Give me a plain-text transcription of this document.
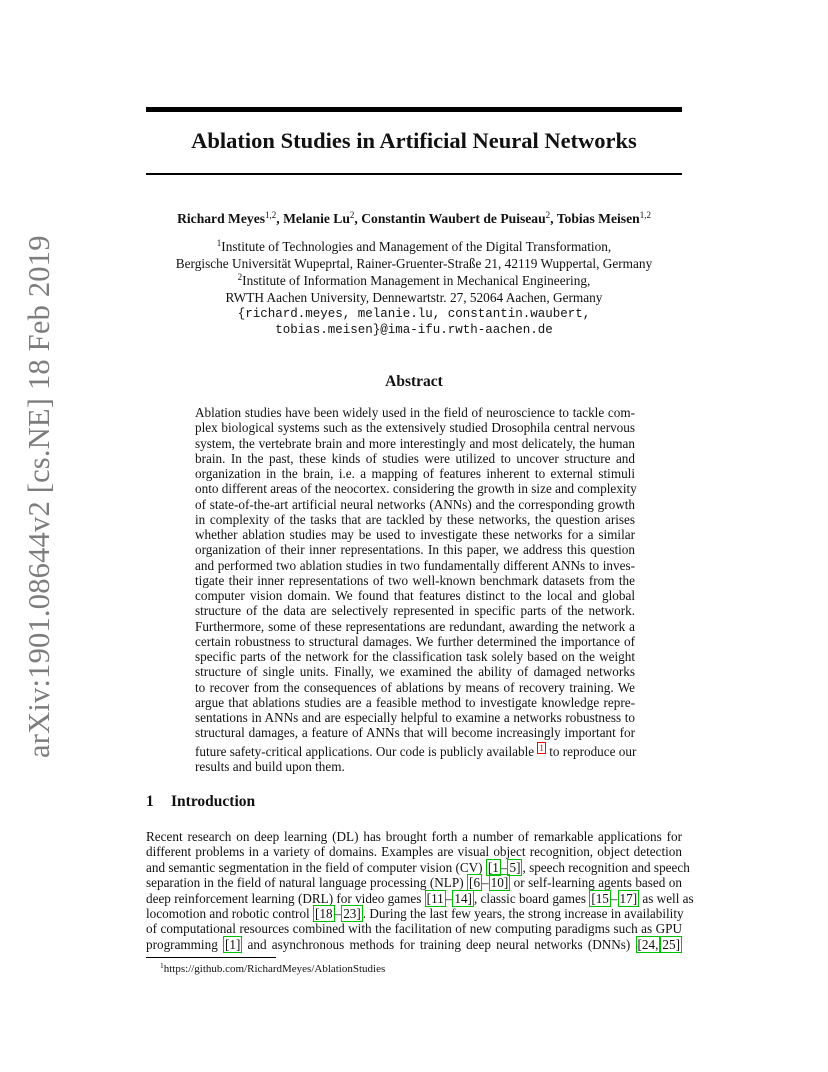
arXiv:1901.08644v2 [cs.NE] 18 Feb 2019
Ablation Studies in Artificial Neural Networks
Richard Meyes$^{1,2}$, Melanie Lu$^2$, Constantin Waubert de Puiseau$^2$, Tobias Meisen$^{1,2}$
$^1$Institute of Technologies and Management of the Digital Transformation,
Bergische Universität Wupeprtal, Rainer-Gruenter-Straße 21, 42119 Wuppertal, Germany
$^2$Institute of Information Management in Mechanical Engineering,
RWTH Aachen University, Dennewartstr. 27, 52064 Aachen, Germany
{richard.meyes, melanie.lu, constantin.waubert,
tobias.meisen}@ima-ifu.rwth-aachen.de
Abstract
Ablation studies have been widely used in the field of neuroscience to tackle com-
plex biological systems such as the extensively studied Drosophila central nervous
system, the vertebrate brain and more interestingly and most delicately, the human
brain. In the past, these kinds of studies were utilized to uncover structure and
organization in the brain, i.e. a mapping of features inherent to external stimuli
onto different areas of the neocortex. considering the growth in size and complexity
of state-of-the-art artificial neural networks (ANNs) and the corresponding growth
in complexity of the tasks that are tackled by these networks, the question arises
whether ablation studies may be used to investigate these networks for a similar
organization of their inner representations. In this paper, we address this question
and performed two ablation studies in two fundamentally different ANNs to inves-
tigate their inner representations of two well-known benchmark datasets from the
computer vision domain. We found that features distinct to the local and global
structure of the data are selectively represented in specific parts of the network.
Furthermore, some of these representations are redundant, awarding the network a
certain robustness to structural damages. We further determined the importance of
specific parts of the network for the classification task solely based on the weight
structure of single units. Finally, we examined the ability of damaged networks
to recover from the consequences of ablations by means of recovery training. We
argue that ablations studies are a feasible method to investigate knowledge repre-
sentations in ANNs and are especially helpful to examine a networks robustness to
structural damages, a feature of ANNs that will become increasingly important for
future safety-critical applications. Our code is publicly available $^1$ to reproduce our
results and build upon them.
1 Introduction
Recent research on deep learning (DL) has brought forth a number of remarkable applications for
different problems in a variety of domains. Examples are visual object recognition, object detection
and semantic segmentation in the field of computer vision (CV) [1 – 5] , speech recognition and speech
separation in the field of natural language processing (NLP) [6 – 10] or self-learning agents based on
deep reinforcement learning (DRL) for video games [11 – 14] , classic board games [15 – 17] as well as
locomotion and robotic control [18 – 23] . During the last few years, the strong increase in availability
of computational resources combined with the facilitation of new computing paradigms such as GPU
programming [1] and asynchronous methods for training deep neural networks (DNNs) [24, 25]
$^1$https://github.com/RichardMeyes/AblationStudies
